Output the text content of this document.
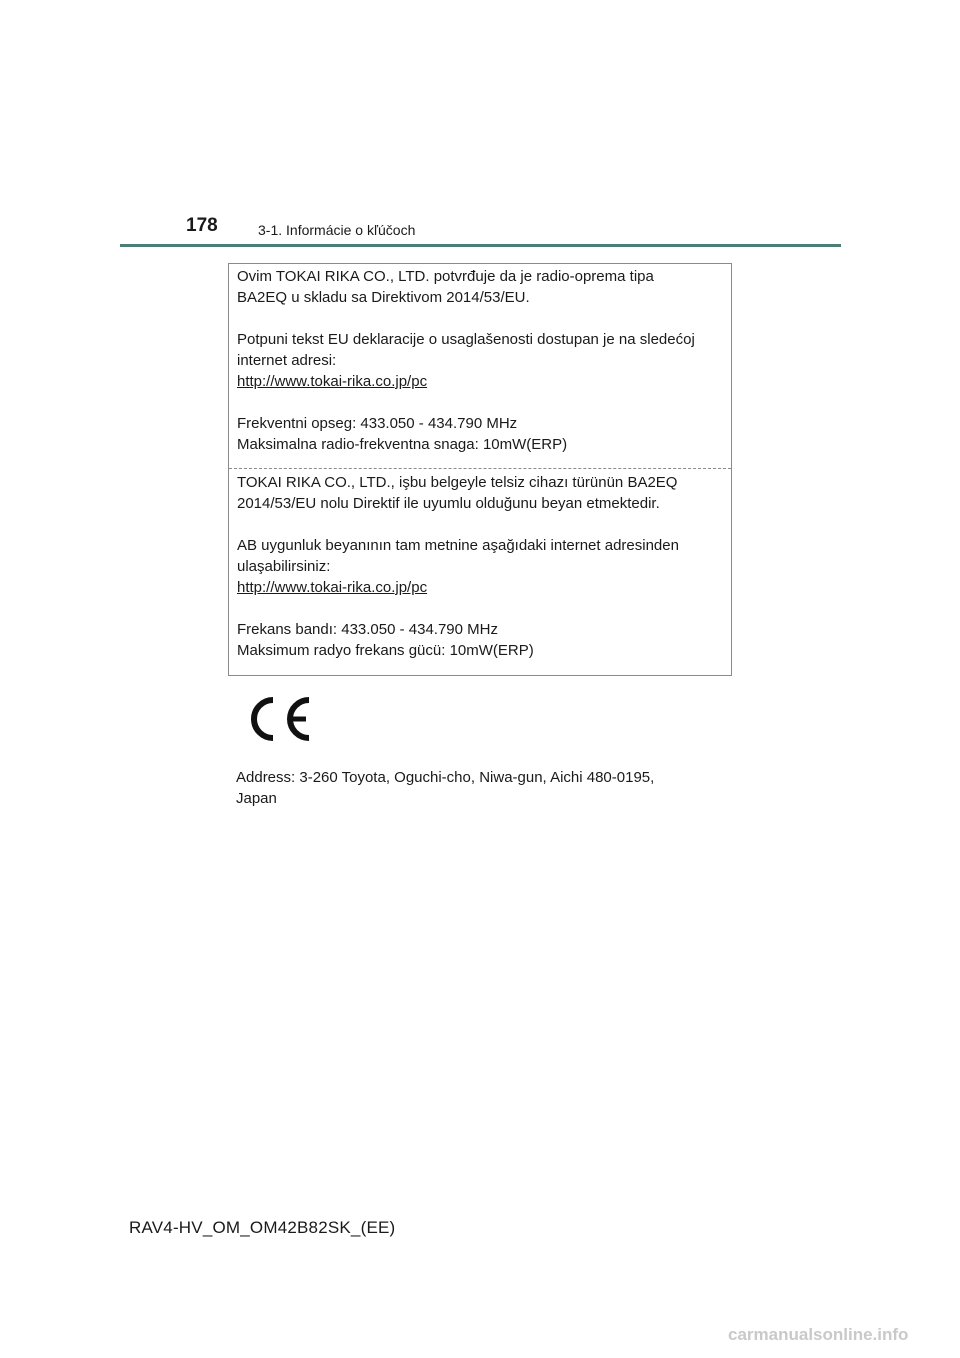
178	3-1. Informácie o kľúčoch

Ovim TOKAI RIKA CO., LTD. potvrđuje da je radio-oprema tipa

BA2EQ u skladu sa Direktivom 2014/53/EU.

Potpuni tekst EU deklaracije o usaglašenosti dostupan je na sledećoj

internet adresi:

http://www.tokai-rika.co.jp/pc

Frekventni opseg: 433.050 - 434.790 MHz

Maksimalna radio-frekventna snaga: 10mW(ERP)

TOKAI RIKA CO., LTD., işbu belgeyle telsiz cihazı türünün BA2EQ

2014/53/EU nolu Direktif ile uyumlu olduğunu beyan etmektedir.

AB uygunluk beyanının tam metnine aşağıdaki internet adresinden

ulaşabilirsiniz:

http://www.tokai-rika.co.jp/pc

Frekans bandı: 433.050 - 434.790 MHz

Maksimum radyo frekans gücü: 10mW(ERP)

Address: 3-260 Toyota, Oguchi-cho, Niwa-gun, Aichi 480-0195,

Japan

RAV4-HV_OM_OM42B82SK_(EE)
carmanualsonline.info
